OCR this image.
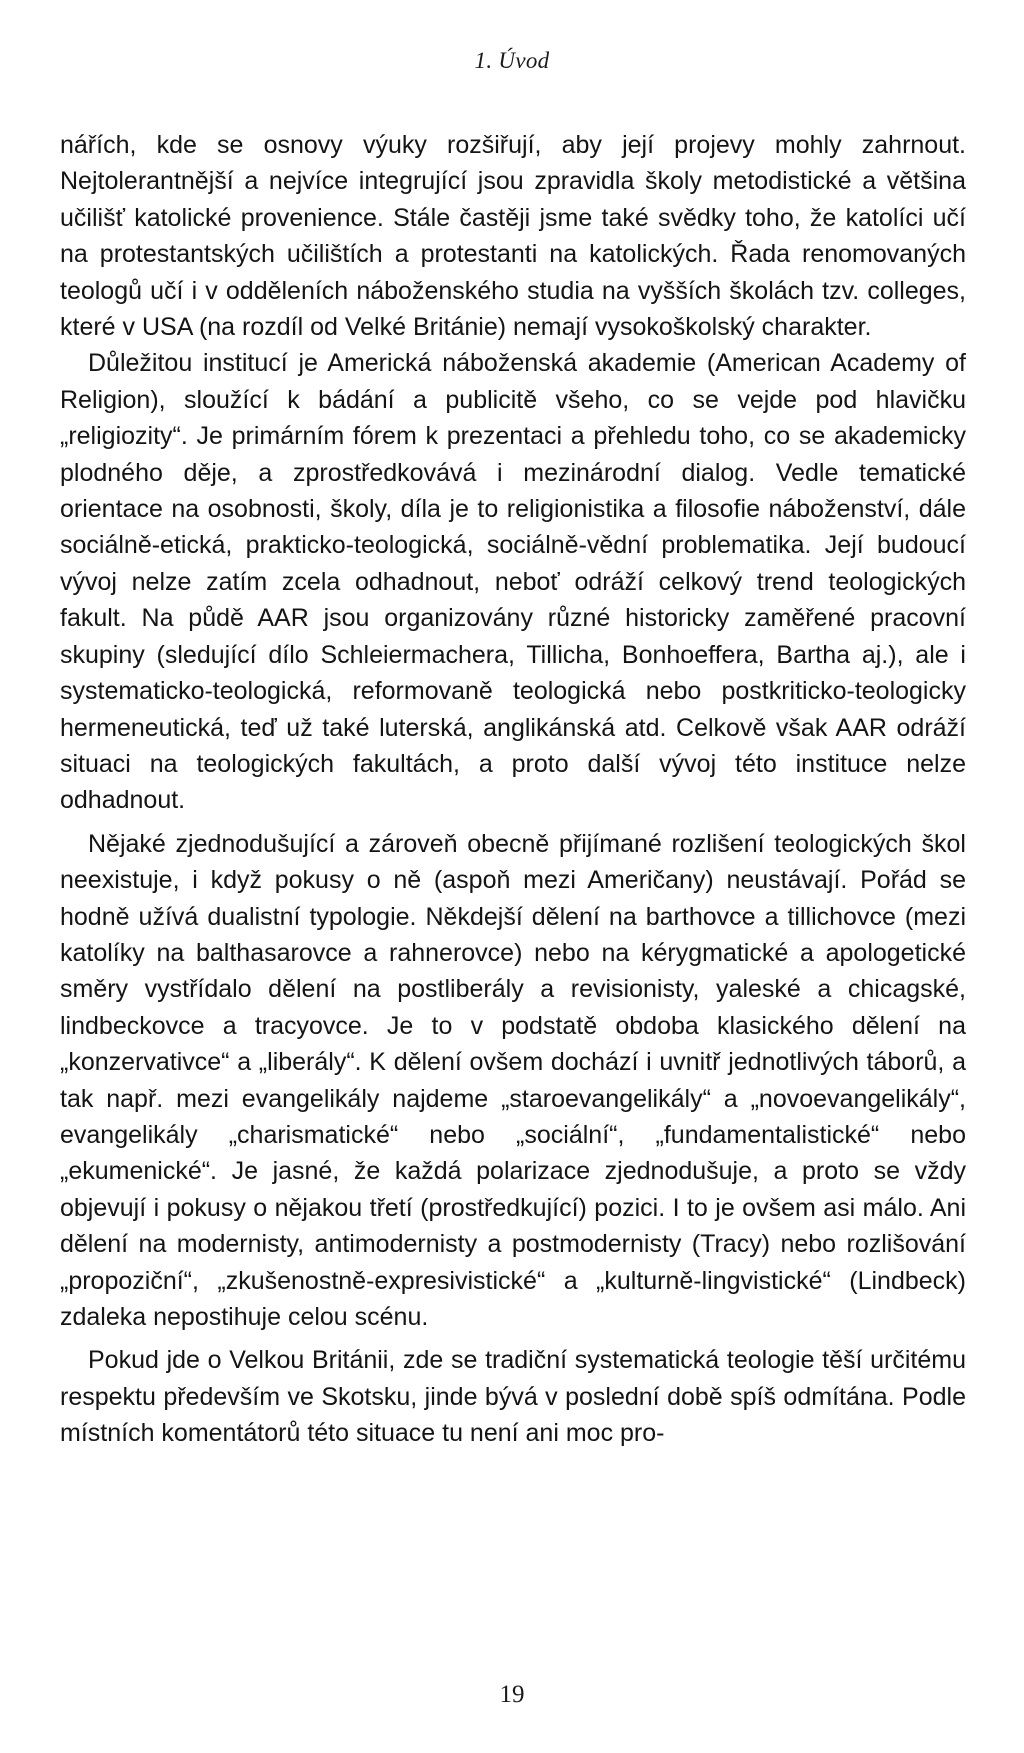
1. Úvod

nářích, kde se osnovy výuky rozšiřují, aby její projevy mohly zahrnout. Nejtolerantnější a nejvíce integrující jsou zpravidla školy metodistické a většina učilišť katolické provenience. Stále častěji jsme také svědky toho, že katolíci učí na protestantských učilištích a protestanti na katolických. Řada renomovaných teologů učí i v odděleních náboženského studia na vyšších školách tzv. colleges, které v USA (na rozdíl od Velké Británie) nemají vysokoškolský charakter.

Důležitou institucí je Americká náboženská akademie (American Academy of Religion), sloužící k bádání a publicitě všeho, co se vejde pod hlavičku „religiozity“. Je primárním fórem k prezentaci a přehledu toho, co se akademicky plodného děje, a zprostředkovává i mezinárodní dialog. Vedle tematické orientace na osobnosti, školy, díla je to religionistika a filosofie náboženství, dále sociálně-etická, prakticko-teologická, sociálně-vědní problematika. Její budoucí vývoj nelze zatím zcela odhadnout, neboť odráží celkový trend teologických fakult. Na půdě AAR jsou organizovány různé historicky zaměřené pracovní skupiny (sledující dílo Schleiermachera, Tillicha, Bonhoeffera, Bartha aj.), ale i systematicko-teologická, reformovaně teologická nebo postkriticko-teologicky hermeneutická, teď už také luterská, anglikánská atd. Celkově však AAR odráží situaci na teologických fakultách, a proto další vývoj této instituce nelze odhadnout.

Nějaké zjednodušující a zároveň obecně přijímané rozlišení teologických škol neexistuje, i když pokusy o ně (aspoň mezi Američany) neustávají. Pořád se hodně užívá dualistní typologie. Někdejší dělení na barthovce a tillichovce (mezi katolíky na balthasarovce a rahnerovce) nebo na kérygmatické a apologetické směry vystřídalo dělení na postliberály a revisionisty, yaleské a chicagské, lindbeckovce a tracyovce. Je to v podstatě obdoba klasického dělení na „konzervativce“ a „liberály“. K dělení ovšem dochází i uvnitř jednotlivých táborů, a tak např. mezi evangelikály najdeme „staroevangelikály“ a „novoevangelikály“, evangelikály „charismatické“ nebo „sociální“, „fundamentalistické“ nebo „ekumenické“. Je jasné, že každá polarizace zjednodušuje, a proto se vždy objevují i pokusy o nějakou třetí (prostředkující) pozici. I to je ovšem asi málo. Ani dělení na modernisty, antimodernisty a postmodernisty (Tracy) nebo rozlišování „propoziční“, „zkušenostně-expresivistické“ a „kulturně-lingvistické“ (Lindbeck) zdaleka nepostihuje celou scénu.

Pokud jde o Velkou Británii, zde se tradiční systematická teologie těší určitému respektu především ve Skotsku, jinde bývá v poslední době spíš odmítána. Podle místních komentátorů této situace tu není ani moc pro-

19
